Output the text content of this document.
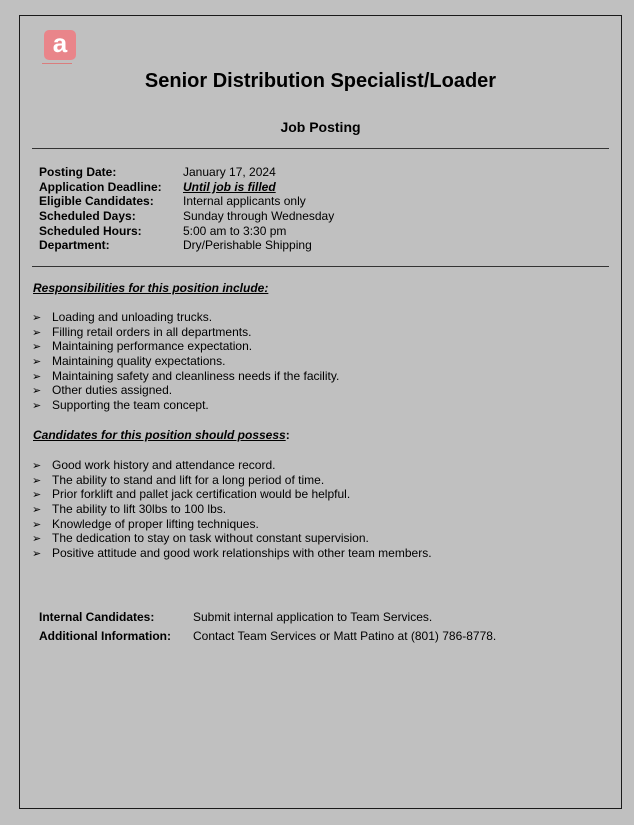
a
▬▬▬▬▬▬▬▬▬▬
Senior Distribution Specialist/Loader
Job Posting
Posting Date:	January 17, 2024
Application Deadline: Until job is filled
Eligible Candidates: Internal applicants only
Scheduled Days:	Sunday through Wednesday
Scheduled Hours:	5:00 am to 3:30 pm
Department:	Dry/Perishable Shipping
Responsibilities for this position include:
➢ Loading and unloading trucks.
➢ Filling retail orders in all departments.
➢ Maintaining performance expectation.
➢ Maintaining quality expectations.
➢ Maintaining safety and cleanliness needs if the facility.
➢ Other duties assigned.
➢ Supporting the team concept.
Candidates for this position should possess:
➢ Good work history and attendance record.
➢ The ability to stand and lift for a long period of time.
➢ Prior forklift and pallet jack certification would be helpful.
➢ The ability to lift 30lbs to 100 lbs.
➢ Knowledge of proper lifting techniques.
➢ The dedication to stay on task without constant supervision.
➢ Positive attitude and good work relationships with other team members.
Internal Candidates:	Submit internal application to Team Services.
Additional Information: Contact Team Services or Matt Patino at (801) 786-8778.
